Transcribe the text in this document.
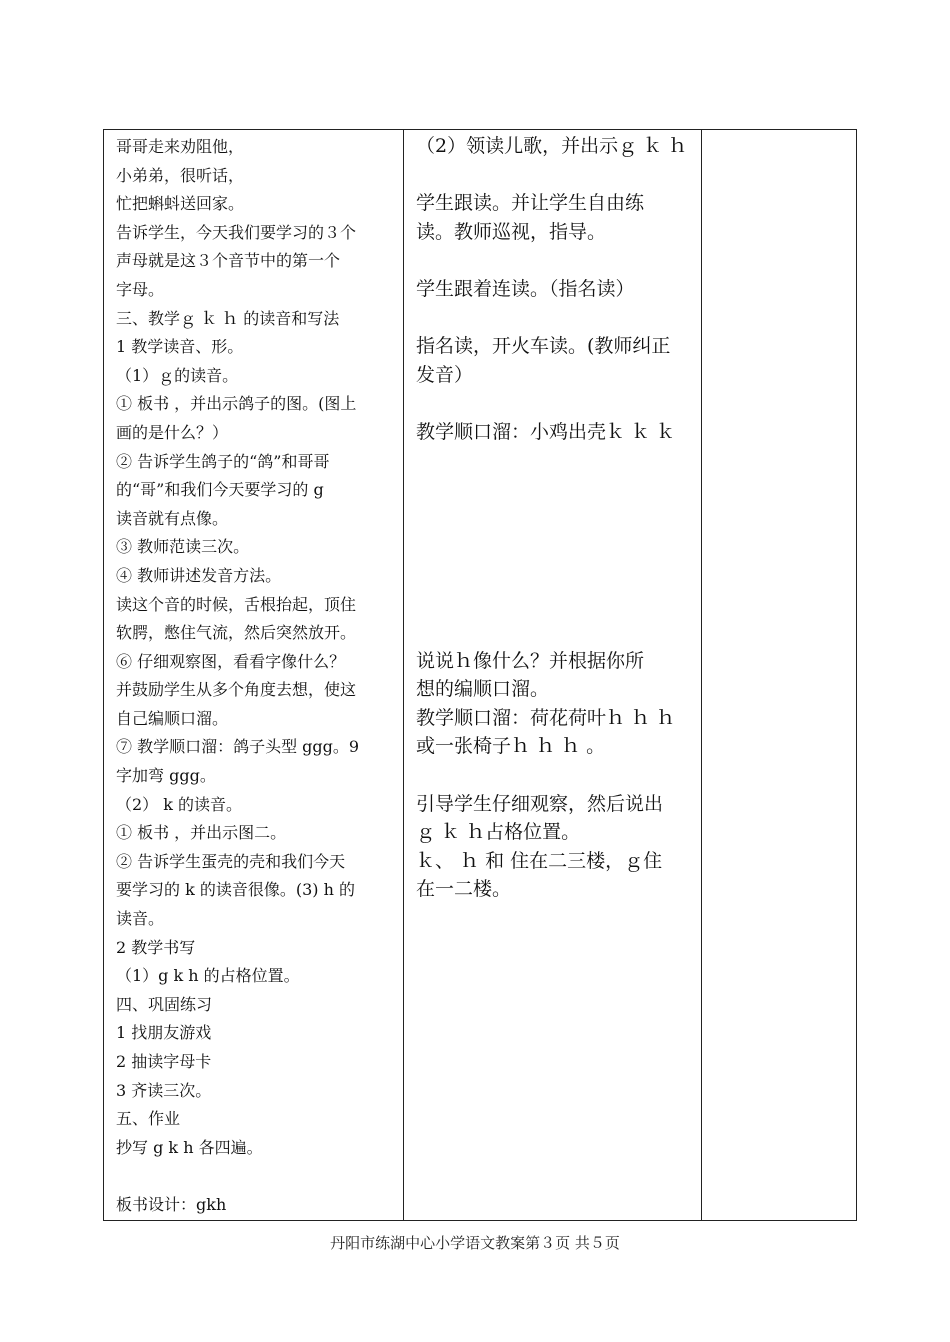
哥哥走来劝阻他，
小弟弟，很听话，
忙把蝌蚪送回家。
告诉学生，今天我们要学习的３个
声母就是这３个音节中的第一个
字母。
三、教学ｇ ｋ ｈ 的读音和写法
1 教学读音、形。
（1）ｇ的读音。
① 板书 ，并出示鸽子的图。(图上
画的是什么？）
② 告诉学生鸽子的“鸽”和哥哥
的“哥”和我们今天要学习的 g
读音就有点像。
③ 教师范读三次。
④ 教师讲述发音方法。
读这个音的时候，舌根抬起，顶住
软腭，憋住气流，然后突然放开。
⑥ 仔细观察图，看看字像什么？
并鼓励学生从多个角度去想，使这
自己编顺口溜。
⑦ 教学顺口溜：鸽子头型 ggg。9
字加弯 ggg。
（2） k 的读音。
① 板书 ，并出示图二。
② 告诉学生蛋壳的壳和我们今天
要学习的 k 的读音很像。(3) h 的
读音。
2 教学书写
（1）g k h 的占格位置。
四、巩固练习
1 找朋友游戏
2 抽读字母卡
3 齐读三次。
五、作业
抄写 g k h 各四遍。
板书设计：gkh

（2）领读儿歌，并出示ｇ ｋ ｈ
学生跟读。并让学生自由练
读。教师巡视，指导。
学生跟着连读。（指名读）
指名读，开火车读。(教师纠正
发音）
教学顺口溜：小鸡出壳ｋ ｋ ｋ
说说ｈ像什么？并根据你所
想的编顺口溜。
教学顺口溜：荷花荷叶ｈ ｈ ｈ
或一张椅子ｈ ｈ ｈ 。
引导学生仔细观察，然后说出
ｇ ｋ ｈ占格位置。
ｋ、 ｈ 和 住在二三楼，ｇ住
在一二楼。

丹阳市练湖中心小学语文教案第３页 共５页
